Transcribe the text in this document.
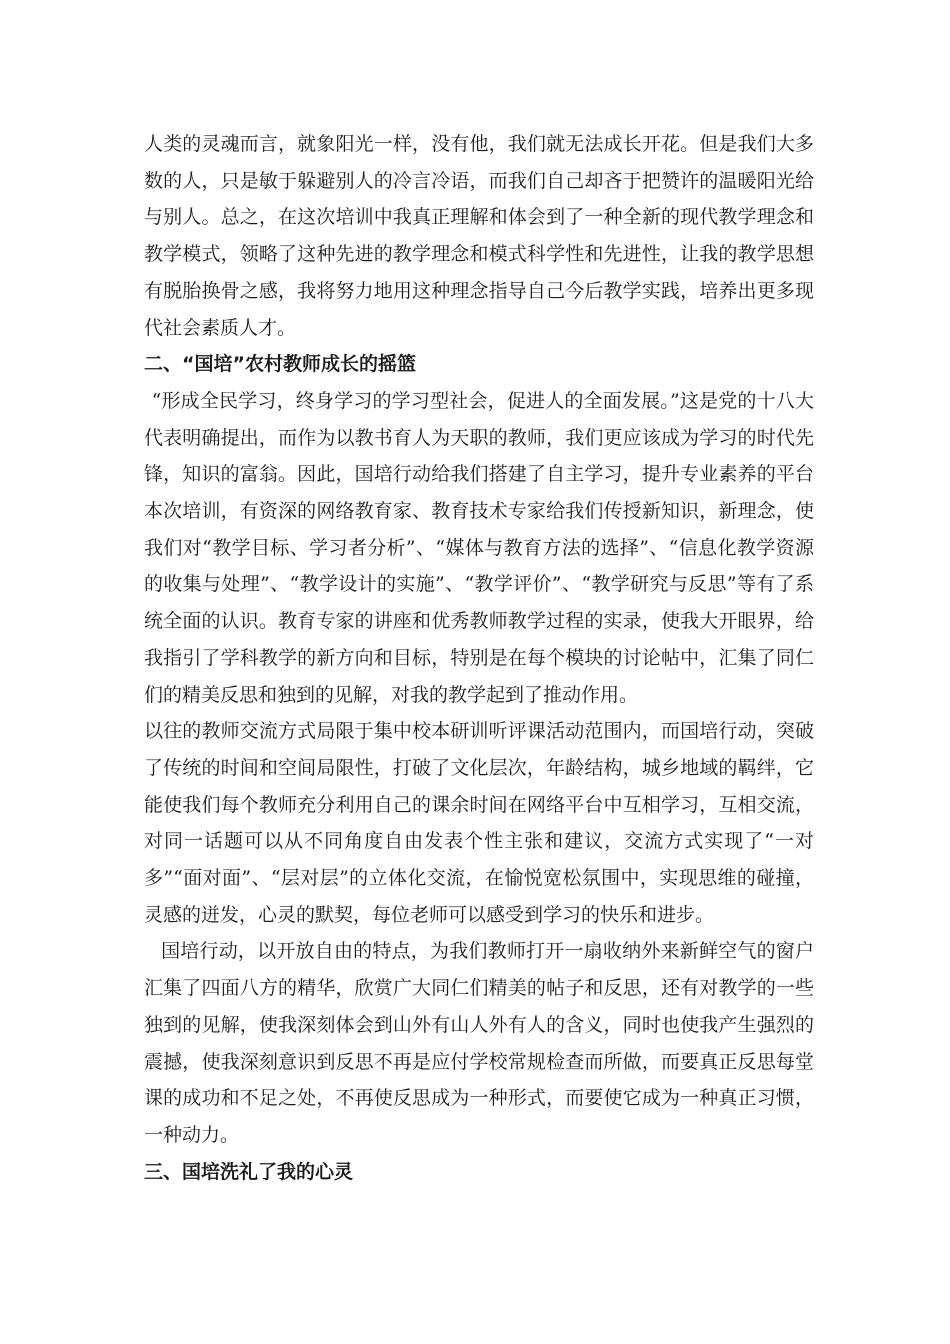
人类的灵魂而言，就象阳光一样，没有他，我们就无法成长开花。但是我们大多数的人，只是敏于躲避别人的冷言冷语，而我们自己却吝于把赞许的温暖阳光给与别人。总之，在这次培训中我真正理解和体会到了一种全新的现代教学理念和教学模式，领略了这种先进的教学理念和模式科学性和先进性，让我的教学思想有脱胎换骨之感，我将努力地用这种理念指导自己今后教学实践，培养出更多现代社会素质人才。

二、“国培”农村教师成长的摇篮

“形成全民学习，终身学习的学习型社会，促进人的全面发展。”这是党的十八大代表明确提出，而作为以教书育人为天职的教师，我们更应该成为学习的时代先锋，知识的富翁。因此，国培行动给我们搭建了自主学习，提升专业素养的平台本次培训，有资深的网络教育家、教育技术专家给我们传授新知识，新理念，使我们对“教学目标、学习者分析”、“媒体与教育方法的选择”、“信息化教学资源的收集与处理”、“教学设计的实施”、“教学评价”、“教学研究与反思”等有了系统全面的认识。教育专家的讲座和优秀教师教学过程的实录，使我大开眼界，给我指引了学科教学的新方向和目标，特别是在每个模块的讨论帖中，汇集了同仁们的精美反思和独到的见解，对我的教学起到了推动作用。

以往的教师交流方式局限于集中校本研训听评课活动范围内，而国培行动，突破了传统的时间和空间局限性，打破了文化层次，年龄结构，城乡地域的羁绊，它能使我们每个教师充分利用自己的课余时间在网络平台中互相学习，互相交流，对同一话题可以从不同角度自由发表个性主张和建议，交流方式实现了“一对多”“面对面”、“层对层”的立体化交流，在愉悦宽松氛围中，实现思维的碰撞，灵感的迸发，心灵的默契，每位老师可以感受到学习的快乐和进步。

国培行动，以开放自由的特点，为我们教师打开一扇收纳外来新鲜空气的窗户汇集了四面八方的精华，欣赏广大同仁们精美的帖子和反思，还有对教学的一些独到的见解，使我深刻体会到山外有山人外有人的含义，同时也使我产生强烈的震撼，使我深刻意识到反思不再是应付学校常规检查而所做，而要真正反思每堂课的成功和不足之处，不再使反思成为一种形式，而要使它成为一种真正习惯，一种动力。

三、国培洗礼了我的心灵
